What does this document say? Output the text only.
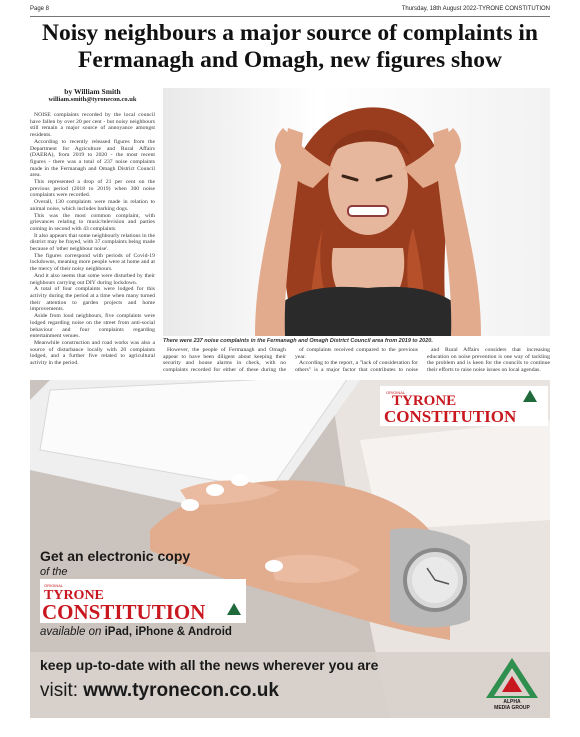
Page 8	Thursday, 18th August 2022-TYRONE CONSTITUTION
Noisy neighbours a major source of complaints in Fermanagh and Omagh, new figures show
by William Smith
william.smith@tyronecon.co.uk

NOISE complaints recorded by the local council have fallen by over 20 per cent - but noisy neighbours still remain a major source of annoyance amongst residents.

According to recently released figures from the Department for Agriculture and Rural Affairs (DAERA), from 2019 to 2020 - the most recent figures - there was a total of 237 noise complaints made in the Fermanagh and Omagh District Council area.

This represented a drop of 21 per cent on the previous period (2018 to 2019) when 300 noise complaints were recorded.

Overall, 130 complaints were made in relation to animal noise, which includes barking dogs.

This was the most common complaint, with grievances relating to music/television and parties coming in second with 43 complaints.

It also appears that some neighbourly relations in the district may be frayed, with 37 complaints being made because of 'other neighbour noise'.

The figures correspond with periods of Covid-19 lockdowns, meaning more people were at home and at the mercy of their noisy neighbours.

And it also seems that some were disturbed by their neighbours carrying out DIY during lockdown.

A total of four complaints were lodged for this activity during the period at a time when many turned their attention to garden projects and home improvements.

Aside from loud neighbours, five complaints were lodged regarding noise on the street from anti-social behaviour and four complaints regarding entertainment venues.

Meanwhile construction and road works was also a source of disturbance locally with 20 complaints lodged, and a further five related to agricultural activity in the period.

There were 237 noise complaints in the Fermanagh and Omagh District Council area from 2019 to 2020.

However, the people of Fermanagh and Omagh appear to have been diligent about keeping their security and house alarms in check, with no complaints recorded for either of these during the

of complaints received compared to the previous year.

According to the report, a "lack of consideration for others" is a major factor that contributes to noise

and Rural Affairs considers that increasing education on noise prevention is one way of tackling the problem and is keen for the councils to continue their efforts to raise noise issues on local agendas.

ORIGINAL
TYRONE
CONSTITUTION
Get an electronic copy
of the
ORIGINAL
TYRONE
CONSTITUTION
available on iPad, iPhone & Android
keep up-to-date with all the news wherever you are
visit: www.tyronecon.co.uk
ALPHA
MEDIA GROUP
